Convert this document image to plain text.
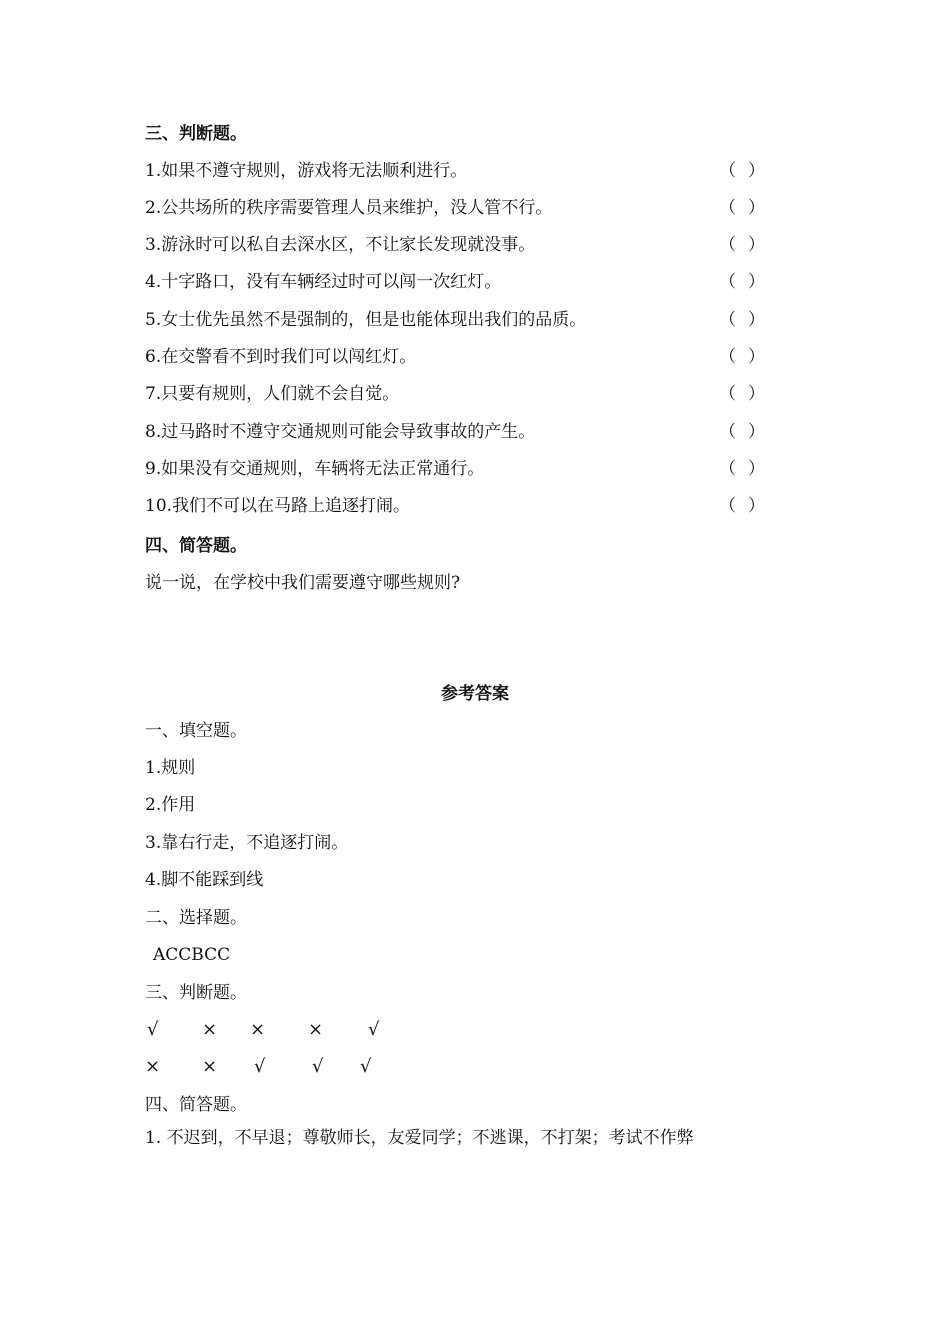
三、判断题。
1.如果不遵守规则，游戏将无法顺利进行。	（ ）
2.公共场所的秩序需要管理人员来维护，没人管不行。	（ ）
3.游泳时可以私自去深水区，不让家长发现就没事。	（ ）
4.十字路口，没有车辆经过时可以闯一次红灯。	（ ）
5.女士优先虽然不是强制的，但是也能体现出我们的品质。	（ ）
6.在交警看不到时我们可以闯红灯。	（ ）
7.只要有规则，人们就不会自觉。	（ ）
8.过马路时不遵守交通规则可能会导致事故的产生。	（ ）
9.如果没有交通规则，车辆将无法正常通行。	（ ）
10.我们不可以在马路上追逐打闹。	（ ）
四、简答题。
说一说，在学校中我们需要遵守哪些规则?
参考答案
一、填空题。
1.规则
2.作用
3.靠右行走，不追逐打闹。
4.脚不能踩到线
二、选择题。
ACCBCC
三、判断题。
√ × × × √
× × √	√ √
四、简答题。
1. 不迟到，不早退；尊敬师长，友爱同学；不逃课，不打架；考试不作弊
